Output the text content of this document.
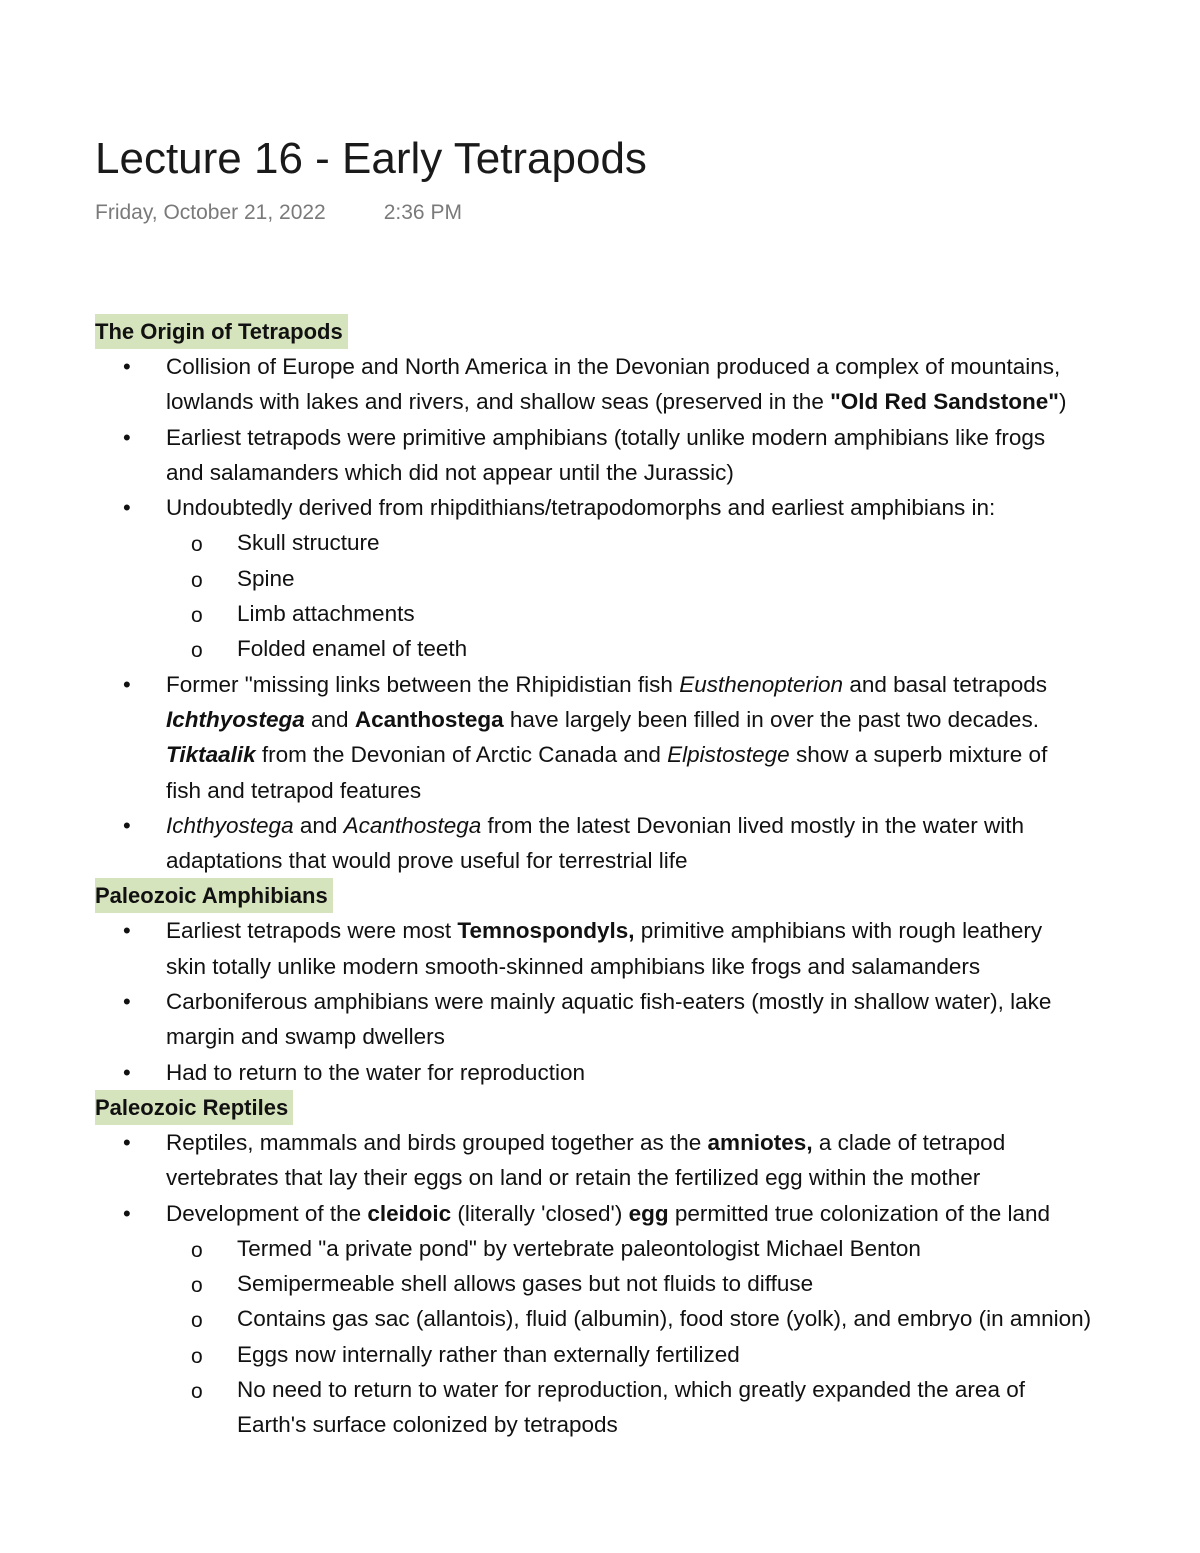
Lecture 16 - Early Tetrapods
Friday, October 21, 2022	2:36 PM
The Origin of Tetrapods
• Collision of Europe and North America in the Devonian produced a complex of mountains,
lowlands with lakes and rivers, and shallow seas (preserved in the "Old Red Sandstone")
• Earliest tetrapods were primitive amphibians (totally unlike modern amphibians like frogs
and salamanders which did not appear until the Jurassic)
• Undoubtedly derived from rhipdithians/tetrapodomorphs and earliest amphibians in:
o Skull structure
o Spine
o Limb attachments
o Folded enamel of teeth
• Former "missing links between the Rhipidistian fish Eusthenopterion and basal tetrapods
Ichthyostega and Acanthostega have largely been filled in over the past two decades.
Tiktaalik from the Devonian of Arctic Canada and Elpistostege show a superb mixture of
fish and tetrapod features
• Ichthyostega and Acanthostega from the latest Devonian lived mostly in the water with
adaptations that would prove useful for terrestrial life
Paleozoic Amphibians
• Earliest tetrapods were most Temnospondyls, primitive amphibians with rough leathery
skin totally unlike modern smooth-skinned amphibians like frogs and salamanders
• Carboniferous amphibians were mainly aquatic fish-eaters (mostly in shallow water), lake
margin and swamp dwellers
• Had to return to the water for reproduction
Paleozoic Reptiles
• Reptiles, mammals and birds grouped together as the amniotes, a clade of tetrapod
vertebrates that lay their eggs on land or retain the fertilized egg within the mother
• Development of the cleidoic (literally 'closed') egg permitted true colonization of the land
o Termed "a private pond" by vertebrate paleontologist Michael Benton
o Semipermeable shell allows gases but not fluids to diffuse
o Contains gas sac (allantois), fluid (albumin), food store (yolk), and embryo (in amnion)
o Eggs now internally rather than externally fertilized
o No need to return to water for reproduction, which greatly expanded the area of
Earth's surface colonized by tetrapods
